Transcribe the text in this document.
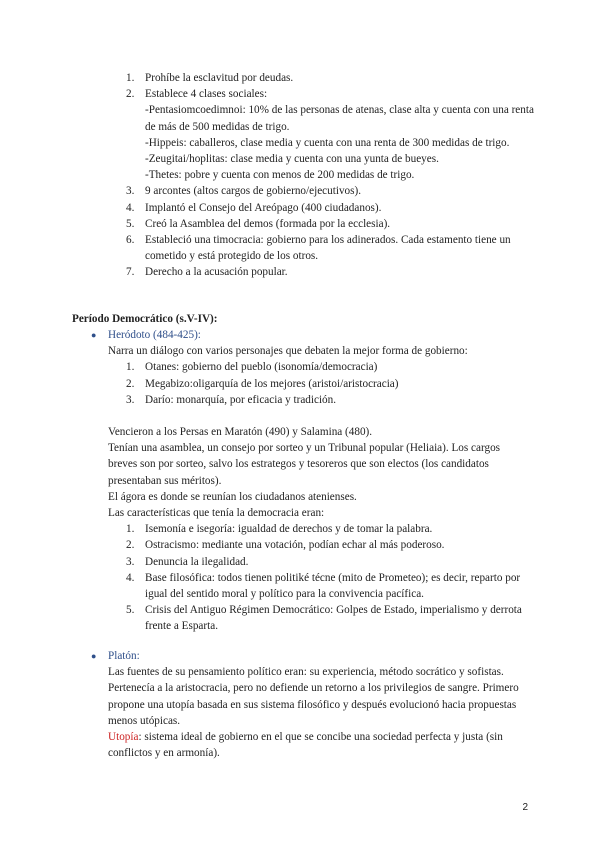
1. Prohíbe la esclavitud por deudas.
2. Establece 4 clases sociales:
-Pentasiomcoedimnoi: 10% de las personas de atenas, clase alta y cuenta con una renta de más de 500 medidas de trigo.
-Hippeis: caballeros, clase media y cuenta con una renta de 300 medidas de trigo.
-Zeugitai/hoplitas: clase media y cuenta con una yunta de bueyes.
-Thetes: pobre y cuenta con menos de 200 medidas de trigo.
3. 9 arcontes (altos cargos de gobierno/ejecutivos).
4. Implantó el Consejo del Areópago (400 ciudadanos).
5. Creó la Asamblea del demos (formada por la ecclesia).
6. Estableció una timocracia: gobierno para los adinerados. Cada estamento tiene un cometido y está protegido de los otros.
7. Derecho a la acusación popular.
Período Democrático (s.V-IV):
● Heródoto (484-425):
Narra un diálogo con varios personajes que debaten la mejor forma de gobierno:
1. Otanes: gobierno del pueblo (isonomía/democracia)
2. Megabizo:oligarquía de los mejores (aristoi/aristocracia)
3. Darío: monarquía, por eficacia y tradición.
Vencieron a los Persas en Maratón (490) y Salamina (480).
Tenían una asamblea, un consejo por sorteo y un Tribunal popular (Heliaia). Los cargos breves son por sorteo, salvo los estrategos y tesoreros que son electos (los candidatos presentaban sus méritos).
El ágora es donde se reunían los ciudadanos atenienses.
Las características que tenía la democracia eran:
1. Isemonía e isegoría: igualdad de derechos y de tomar la palabra.
2. Ostracismo: mediante una votación, podían echar al más poderoso.
3. Denuncia la ilegalidad.
4. Base filosófica: todos tienen politiké técne (mito de Prometeo); es decir, reparto por igual del sentido moral y político para la convivencia pacífica.
5. Crisis del Antiguo Régimen Democrático: Golpes de Estado, imperialismo y derrota frente a Esparta.
● Platón:
Las fuentes de su pensamiento político eran: su experiencia, método socrático y sofistas.
Pertenecía a la aristocracia, pero no defiende un retorno a los privilegios de sangre. Primero propone una utopía basada en sus sistema filosófico y después evolucionó hacia propuestas menos utópicas.
Utopía: sistema ideal de gobierno en el que se concibe una sociedad perfecta y justa (sin conflictos y en armonía).
2
